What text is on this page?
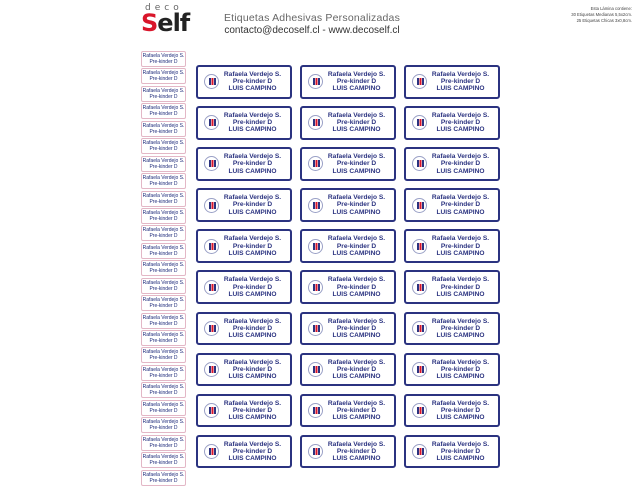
deco
Self	Etiquetas Adhesivas Personalizadas
contacto@decoself.cl - www.decoself.cl
Esta Lámina contiene:
30 Etiquetas Medianas 5,5x2cm.
25 Etiquetas Chicas 3x0,8cm.
Rafaela Verdejo S.
Pre-kinder D
Rafaela Verdejo S.
Pre-kinder D
Rafaela Verdejo S.
Pre-kinder D
Rafaela Verdejo S.
Pre-kinder D
Rafaela Verdejo S.
Pre-kinder D
Rafaela Verdejo S.
Pre-kinder D
Rafaela Verdejo S.
Pre-kinder D
Rafaela Verdejo S.
Pre-kinder D
Rafaela Verdejo S.
Pre-kinder D
Rafaela Verdejo S.
Pre-kinder D
Rafaela Verdejo S.
Pre-kinder D
Rafaela Verdejo S.
Pre-kinder D
Rafaela Verdejo S.
Pre-kinder D
Rafaela Verdejo S.
Pre-kinder D
Rafaela Verdejo S.
Pre-kinder D
Rafaela Verdejo S.
Pre-kinder D
Rafaela Verdejo S.
Pre-kinder D
Rafaela Verdejo S.
Pre-kinder D
Rafaela Verdejo S.
Pre-kinder D
Rafaela Verdejo S.
Pre-kinder D
Rafaela Verdejo S.
Pre-kinder D
Rafaela Verdejo S.
Pre-kinder D
Rafaela Verdejo S.
Pre-kinder D
Rafaela Verdejo S.
Pre-kinder D
Rafaela Verdejo S.
Pre-kinder D
Rafaela Verdejo S.
Pre-kinder D
LUIS CAMPINO
Rafaela Verdejo S.
Pre-kinder D
LUIS CAMPINO
Rafaela Verdejo S.
Pre-kinder D
LUIS CAMPINO
Rafaela Verdejo S.
Pre-kinder D
LUIS CAMPINO
Rafaela Verdejo S.
Pre-kinder D
LUIS CAMPINO
Rafaela Verdejo S.
Pre-kinder D
LUIS CAMPINO
Rafaela Verdejo S.
Pre-kinder D
LUIS CAMPINO
Rafaela Verdejo S.
Pre-kinder D
LUIS CAMPINO
Rafaela Verdejo S.
Pre-kinder D
LUIS CAMPINO
Rafaela Verdejo S.
Pre-kinder D
LUIS CAMPINO
Rafaela Verdejo S.
Pre-kinder D
LUIS CAMPINO
Rafaela Verdejo S.
Pre-kinder D
LUIS CAMPINO
Rafaela Verdejo S.
Pre-kinder D
LUIS CAMPINO
Rafaela Verdejo S.
Pre-kinder D
LUIS CAMPINO
Rafaela Verdejo S.
Pre-kinder D
LUIS CAMPINO
Rafaela Verdejo S.
Pre-kinder D
LUIS CAMPINO
Rafaela Verdejo S.
Pre-kinder D
LUIS CAMPINO
Rafaela Verdejo S.
Pre-kinder D
LUIS CAMPINO
Rafaela Verdejo S.
Pre-kinder D
LUIS CAMPINO
Rafaela Verdejo S.
Pre-kinder D
LUIS CAMPINO
Rafaela Verdejo S.
Pre-kinder D
LUIS CAMPINO
Rafaela Verdejo S.
Pre-kinder D
LUIS CAMPINO
Rafaela Verdejo S.
Pre-kinder D
LUIS CAMPINO
Rafaela Verdejo S.
Pre-kinder D
LUIS CAMPINO
Rafaela Verdejo S.
Pre-kinder D
LUIS CAMPINO
Rafaela Verdejo S.
Pre-kinder D
LUIS CAMPINO
Rafaela Verdejo S.
Pre-kinder D
LUIS CAMPINO
Rafaela Verdejo S.
Pre-kinder D
LUIS CAMPINO
Rafaela Verdejo S.
Pre-kinder D
LUIS CAMPINO
Rafaela Verdejo S.
Pre-kinder D
LUIS CAMPINO
